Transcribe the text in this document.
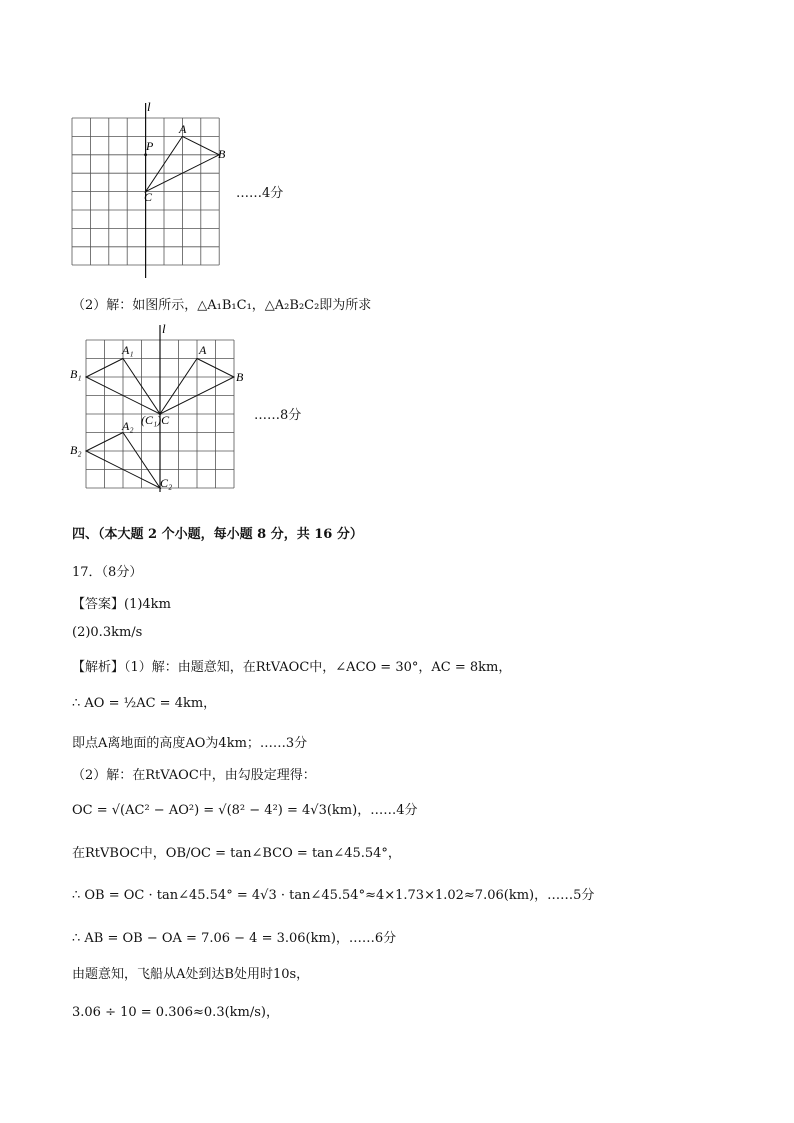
l
P
A
B
C	……4分
（2）解：如图所示，△A₁B₁C₁，△A₂B₂C₂即为所求
l
A₁	A
B₁	B
(C₁)C
A₂
B₂
C₂
……8分
四、（本大题 2 个小题，每小题 8 分，共 16 分）
17．（8分）
【答案】(1)4km
(2)0.3km/s
【解析】（1）解：由题意知，在RtVAOC中，∠ACO = 30°，AC = 8km，
∴ AO = ½AC = 4km，
即点A离地面的高度AO为4km；……3分
（2）解：在RtVAOC中，由勾股定理得：
OC = √(AC² − AO²) = √(8² − 4²) = 4√3(km)，……4分
在RtVBOC中，OB/OC = tan∠BCO = tan∠45.54°，
∴ OB = OC · tan∠45.54° = 4√3 · tan∠45.54°≈4×1.73×1.02≈7.06(km)，……5分
∴ AB = OB − OA = 7.06 − 4 = 3.06(km)，……6分
由题意知，飞船从A处到达B处用时10s，
3.06 ÷ 10 = 0.306≈0.3(km/s)，
